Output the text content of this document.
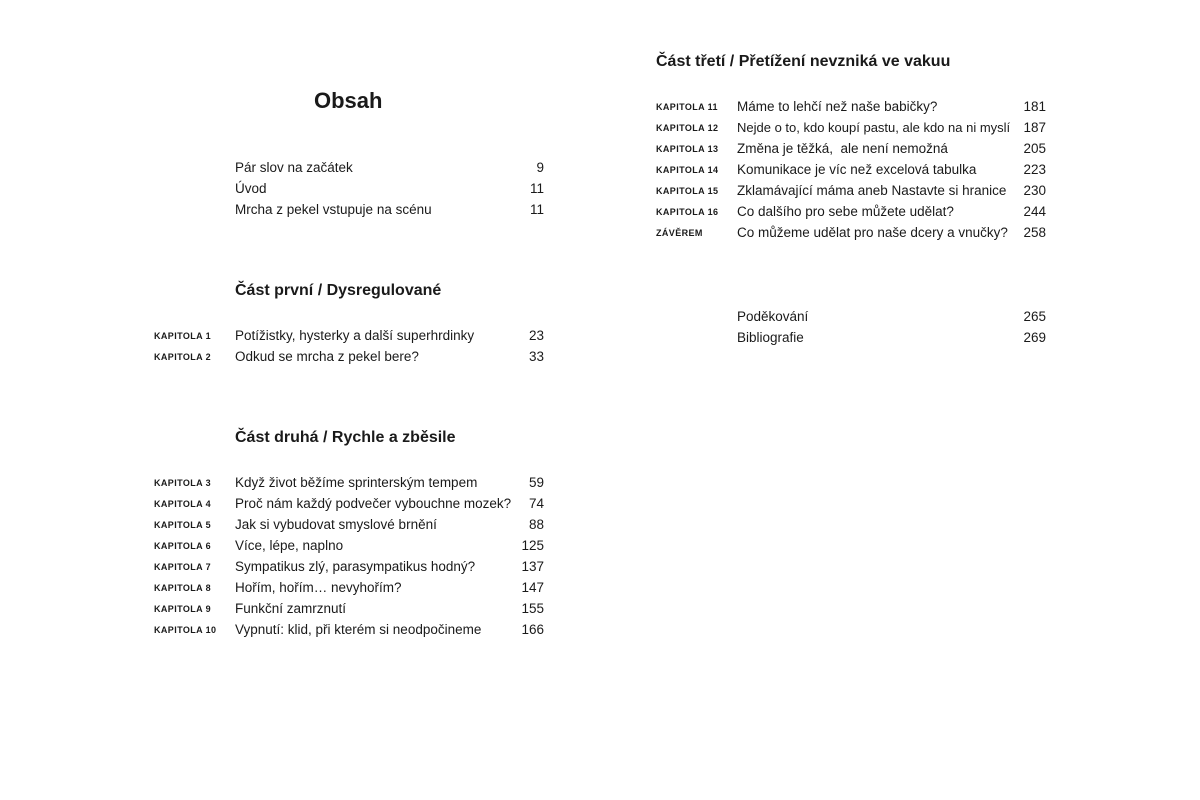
Obsah
Pár slov na začátek	9
Úvod	11
Mrcha z pekel vstupuje na scénu	11
Část první / Dysregulované
KAPITOLA 1 Potížistky, hysterky a další superhrdinky	23
KAPITOLA 2 Odkud se mrcha z pekel bere?	33
Část druhá / Rychle a zběsile
KAPITOLA 3 Když život běžíme sprinterským tempem	59
KAPITOLA 4 Proč nám každý podvečer vybouchne mozek?	74
KAPITOLA 5 Jak si vybudovat smyslové brnění	88
KAPITOLA 6 Více, lépe, naplno	125
KAPITOLA 7 Sympatikus zlý, parasympatikus hodný?	137
KAPITOLA 8 Hořím, hořím… nevyhořím?	147
KAPITOLA 9 Funkční zamrznutí	155
KAPITOLA 10 Vypnutí: klid, při kterém si neodpočineme	166
Část třetí / Přetížení nevzniká ve vakuu
KAPITOLA 11 Máme to lehčí než naše babičky?	181
KAPITOLA 12 Nejde o to, kdo koupí pastu, ale kdo na ni myslí 187
KAPITOLA 13 Změna je těžká,  ale není nemožná	205
KAPITOLA 14 Komunikace je víc než excelová tabulka	223
KAPITOLA 15 Zklamávající máma aneb Nastavte si hranice	230
KAPITOLA 16 Co dalšího pro sebe můžete udělat?	244
ZÁVĚREM	Co můžeme udělat pro naše dcery a vnučky?	258
Poděkování	265
Bibliografie	269
